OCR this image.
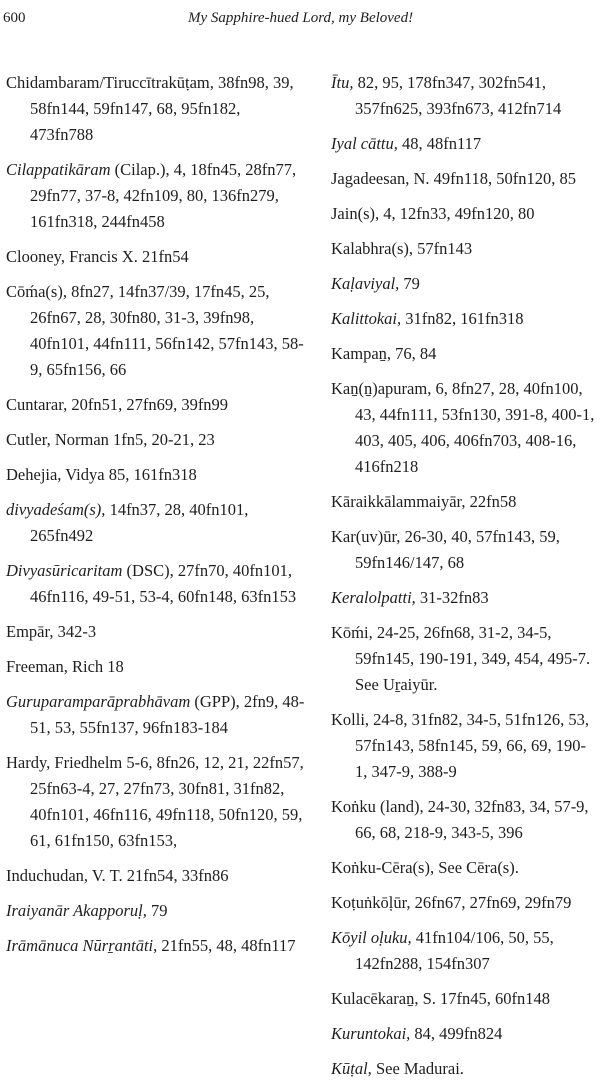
600	My Sapphire-hued Lord, my Beloved!
Chidambaram/Tiruccītrakūṭam, 38fn98, 39, 58fn144, 59fn147, 68, 95fn182, 473fn788
Cilappatikāram (Cilap.), 4, 18fn45, 28fn77, 29fn77, 37-8, 42fn109, 80, 136fn279, 161fn318, 244fn458
Clooney, Francis X. 21fn54
Cōḿa(s), 8fn27, 14fn37/39, 17fn45, 25, 26fn67, 28, 30fn80, 31-3, 39fn98, 40fn101, 44fn111, 56fn142, 57fn143, 58-9, 65fn156, 66
Cuntarar, 20fn51, 27fn69, 39fn99
Cutler, Norman 1fn5, 20-21, 23
Dehejia, Vidya 85, 161fn318
divyadeśam(s), 14fn37, 28, 40fn101, 265fn492
Divyasūricaritam (DSC), 27fn70, 40fn101, 46fn116, 49-51, 53-4, 60fn148, 63fn153
Empār, 342-3
Freeman, Rich 18
Guruparamparāprabhāvam (GPP), 2fn9, 48-51, 53, 55fn137, 96fn183-184
Hardy, Friedhelm 5-6, 8fn26, 12, 21, 22fn57, 25fn63-4, 27, 27fn73, 30fn81, 31fn82, 40fn101, 46fn116, 49fn118, 50fn120, 59, 61, 61fn150, 63fn153,
Induchudan, V. T. 21fn54, 33fn86
Iraiyanār Akapporuḷ, 79
Irāmānuca Nūrṟantāti, 21fn55, 48, 48fn117
Ītu, 82, 95, 178fn347, 302fn541, 357fn625, 393fn673, 412fn714
Iyal cāttu, 48, 48fn117
Jagadeesan, N. 49fn118, 50fn120, 85
Jain(s), 4, 12fn33, 49fn120, 80
Kalabhra(s), 57fn143
Kaḷaviyal, 79
Kalittokai, 31fn82, 161fn318
Kampaṉ, 76, 84
Kaṉ(ṉ)apuram, 6, 8fn27, 28, 40fn100, 43, 44fn111, 53fn130, 391-8, 400-1, 403, 405, 406, 406fn703, 408-16, 416fn218
Kāraikkālammaiyār, 22fn58
Kar(uv)ūr, 26-30, 40, 57fn143, 59, 59fn146/147, 68
Keralolpatti, 31-32fn83
Kōḿi, 24-25, 26fn68, 31-2, 34-5, 59fn145, 190-191, 349, 454, 495-7. See Uṟaiyūr.
Kolli, 24-8, 31fn82, 34-5, 51fn126, 53, 57fn143, 58fn145, 59, 66, 69, 190-1, 347-9, 388-9
Koṅku (land), 24-30, 32fn83, 34, 57-9, 66, 68, 218-9, 343-5, 396
Koṅku-Cēra(s), See Cēra(s).
Koṭuṅkōḷūr, 26fn67, 27fn69, 29fn79
Kōyil oḷuku, 41fn104/106, 50, 55, 142fn288, 154fn307
Kulacēkaraṉ, S. 17fn45, 60fn148
Kuruntokai, 84, 499fn824
Kūṭal, See Madurai.
